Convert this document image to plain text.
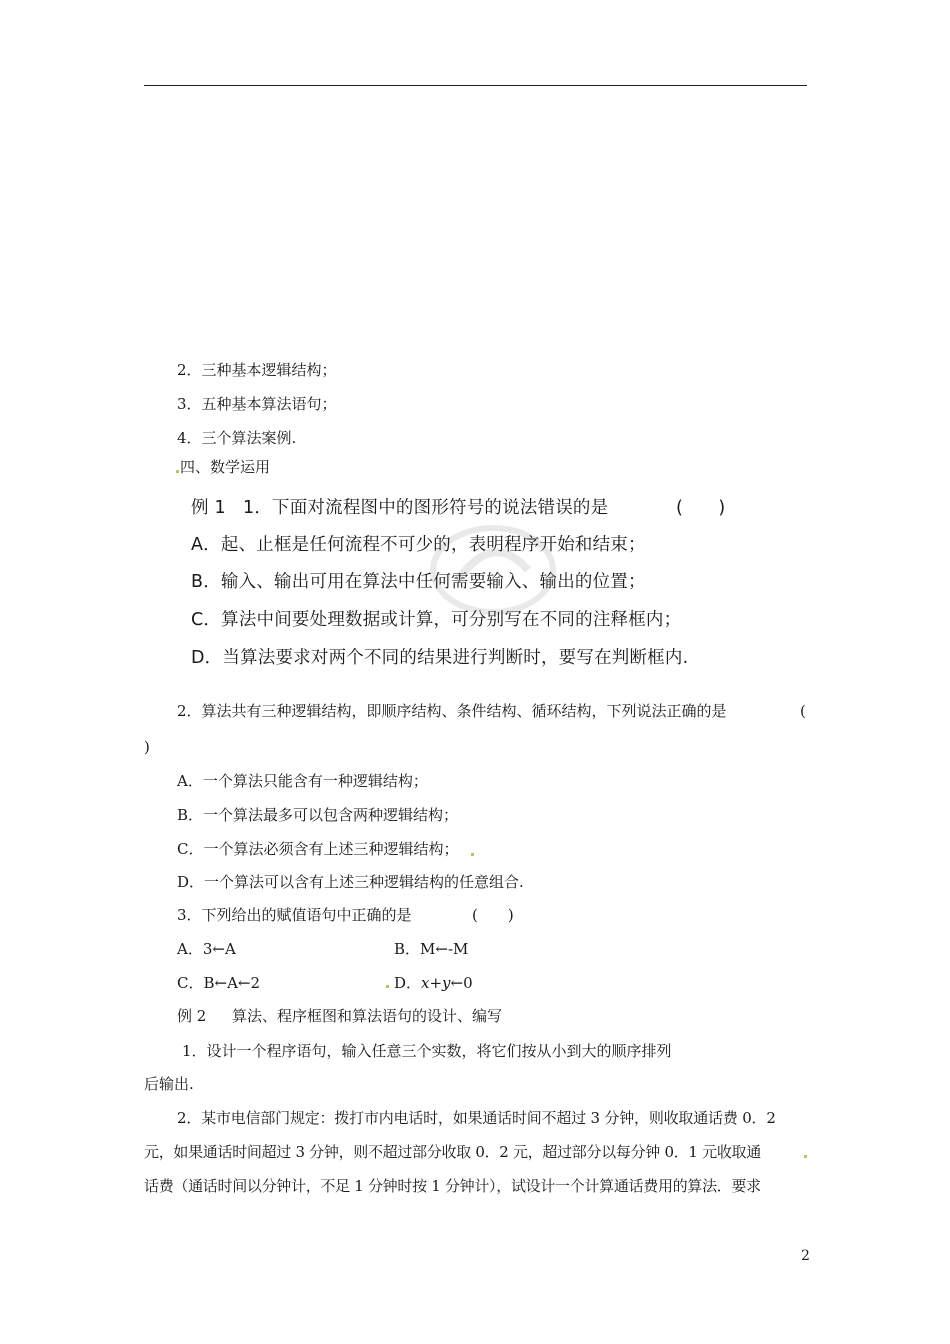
2．三种基本逻辑结构；
3．五种基本算法语句；
4．三个算法案例.
四、数学运用
例 1 1．下面对流程图中的图形符号的说法错误的是	(　　)
A．起、止框是任何流程不可少的，表明程序开始和结束；
B．输入、输出可用在算法中任何需要输入、输出的位置；
C．算法中间要处理数据或计算，可分别写在不同的注释框内；
D．当算法要求对两个不同的结果进行判断时，要写在判断框内.
2．算法共有三种逻辑结构，即顺序结构、条件结构、循环结构，下列说法正确的是	(
)
A．一个算法只能含有一种逻辑结构；
B．一个算法最多可以包含两种逻辑结构；
C．一个算法必须含有上述三种逻辑结构；
D．一个算法可以含有上述三种逻辑结构的任意组合.
3．下列给出的赋值语句中正确的是	(　　)
A．3←A	B．M←-M
C．B←A←2	D．x+y←0
例 2 算法、程序框图和算法语句的设计、编写
1．设计一个程序语句，输入任意三个实数，将它们按从小到大的顺序排列
后输出.
2．某市电信部门规定：拨打市内电话时，如果通话时间不超过 3 分钟，则收取通话费 0．2
元，如果通话时间超过 3 分钟，则不超过部分收取 0．2 元，超过部分以每分钟 0．1 元收取通
话费（通话时间以分钟计，不足 1 分钟时按 1 分钟计），试设计一个计算通话费用的算法．要求
2
